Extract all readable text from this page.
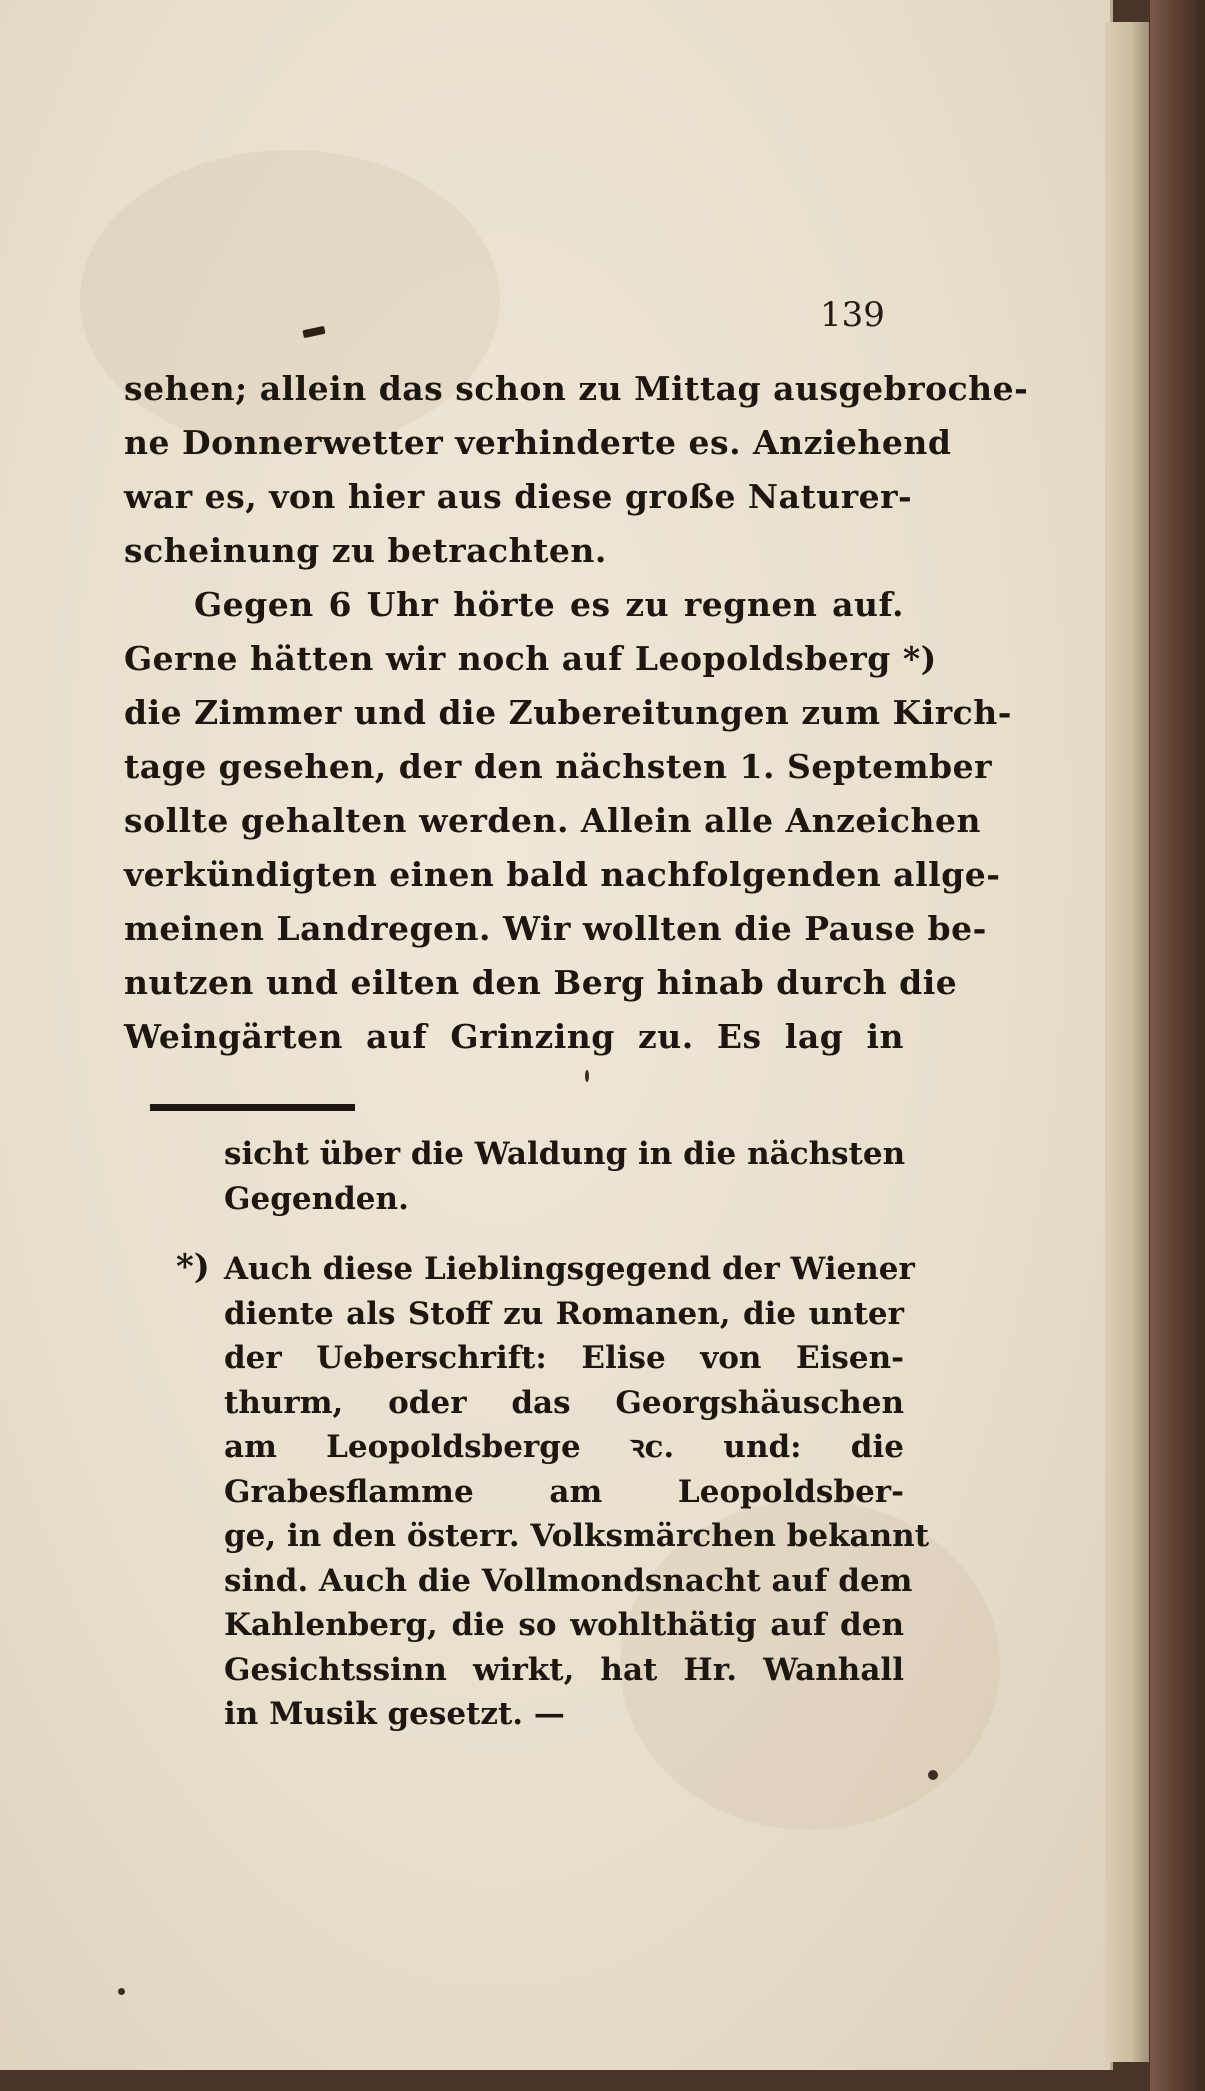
139
sehen; allein das schon zu Mittag ausgebroche-
ne Donnerwetter verhinderte es. Anziehend
war es, von hier aus diese große Naturer-
scheinung zu betrachten.
Gegen 6 Uhr hörte es zu regnen auf.
Gerne hätten wir noch auf Leopoldsberg *)
die Zimmer und die Zubereitungen zum Kirch-
tage gesehen, der den nächsten 1. September
sollte gehalten werden. Allein alle Anzeichen
verkündigten einen bald nachfolgenden allge-
meinen Landregen. Wir wollten die Pause be-
nutzen und eilten den Berg hinab durch die
Weingärten auf Grinzing zu. Es lag in
*)
sicht über die Waldung in die nächsten
Gegenden.
Auch diese Lieblingsgegend der Wiener
diente als Stoff zu Romanen, die unter
der Ueberschrift: Elise von Eisen-
thurm, oder das Georgshäuschen
am Leopoldsberge ꝛc. und: die
Grabesflamme am Leopoldsber-
ge, in den österr. Volksmärchen bekannt
sind. Auch die Vollmondsnacht auf dem
Kahlenberg, die so wohlthätig auf den
Gesichtssinn wirkt, hat Hr. Wanhall
in Musik gesetzt. —
